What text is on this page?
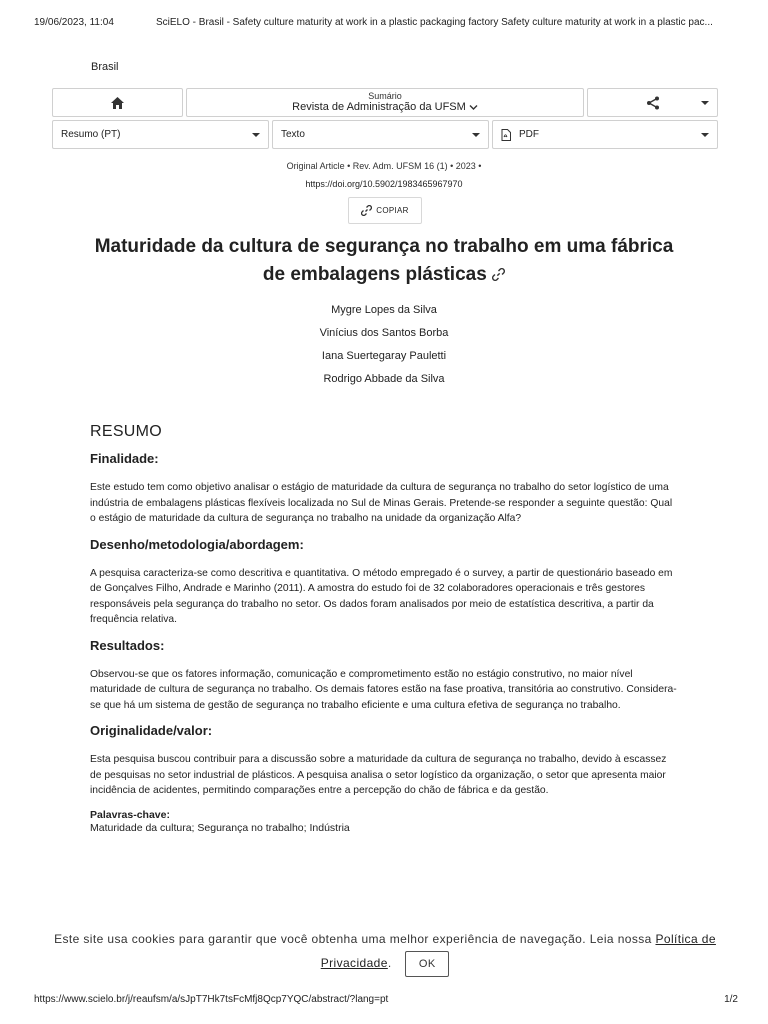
19/06/2023, 11:04	SciELO - Brasil - Safety culture maturity at work in a plastic packaging factory Safety culture maturity at work in a plastic pac...
Brasil
Sumário
Revista de Administração da UFSM
Resumo (PT)	Texto	PDF
Original Article • Rev. Adm. UFSM 16 (1) • 2023 •
https://doi.org/10.5902/1983465967970
COPIAR
Maturidade da cultura de segurança no trabalho em uma fábrica de embalagens plásticas
Mygre Lopes da Silva
Vinícius dos Santos Borba
Iana Suertegaray Pauletti
Rodrigo Abbade da Silva
RESUMO
Finalidade:

Este estudo tem como objetivo analisar o estágio de maturidade da cultura de segurança no trabalho do setor logístico de uma indústria de embalagens plásticas flexíveis localizada no Sul de Minas Gerais. Pretende-se responder a seguinte questão: Qual o estágio de maturidade da cultura de segurança no trabalho na unidade da organização Alfa?

Desenho/metodologia/abordagem:

A pesquisa caracteriza-se como descritiva e quantitativa. O método empregado é o survey, a partir de questionário baseado em de Gonçalves Filho, Andrade e Marinho (2011). A amostra do estudo foi de 32 colaboradores operacionais e três gestores responsáveis pela segurança do trabalho no setor. Os dados foram analisados por meio de estatística descritiva, a partir da frequência relativa.

Resultados:

Observou-se que os fatores informação, comunicação e comprometimento estão no estágio construtivo, no maior nível maturidade de cultura de segurança no trabalho. Os demais fatores estão na fase proativa, transitória ao construtivo. Considera-se que há um sistema de gestão de segurança no trabalho eficiente e uma cultura efetiva de segurança no trabalho.

Originalidade/valor:

Esta pesquisa buscou contribuir para a discussão sobre a maturidade da cultura de segurança no trabalho, devido à escassez de pesquisas no setor industrial de plásticos. A pesquisa analisa o setor logístico da organização, o setor que apresenta maior incidência de acidentes, permitindo comparações entre a percepção do chão de fábrica e da gestão.

Palavras-chave:
Maturidade da cultura; Segurança no trabalho; Indústria
Este site usa cookies para garantir que você obtenha uma melhor experiência de navegação. Leia nossa Política de Privacidade. OK
https://www.scielo.br/j/reaufsm/a/sJpT7Hk7tsFcMfj8Qcp7YQC/abstract/?lang=pt	1/2
